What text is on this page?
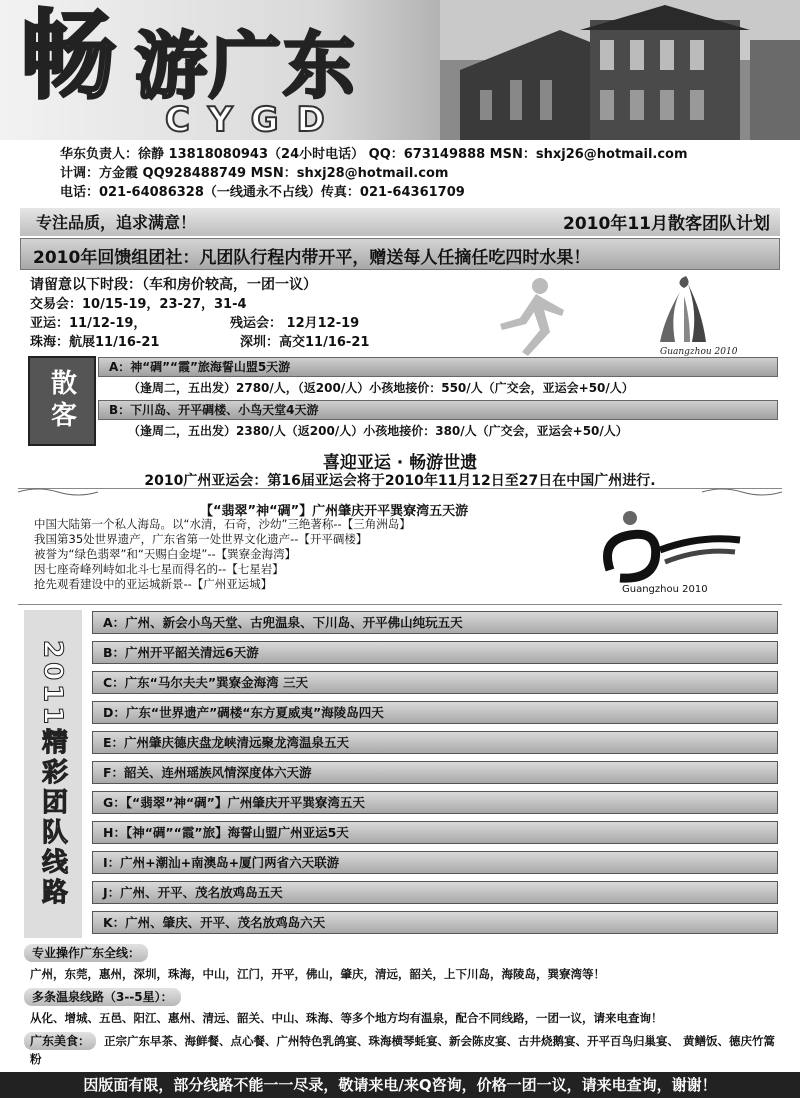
畅 游广东
CYGD
华东负责人：徐静 13818080943（24小时电话） QQ：673149888 MSN：shxj26@hotmail.com
计调：方金霞 QQ928488749 MSN：shxj28@hotmail.com
电话：021-64086328（一线通永不占线）传真：021-64361709
专注品质，追求满意！	2010年11月散客团队计划
2010年回馈组团社：凡团队行程内带开平，赠送每人任摘任吃四时水果！
请留意以下时段：（车和房价较高，一团一议）
交易会：10/15-19，23-27，31-4
亚运：11/12-19，	残运会： 12月12-19
珠海：航展11/16-21	深圳：高交11/16-21
Guangzhou 2010
散客
A：神“碉”“霞”旅海誓山盟5天游
（逢周二，五出发）2780/人，（返200/人）小孩地接价：550/人（广交会，亚运会+50/人）
B：下川岛、开平碉楼、小鸟天堂4天游
（逢周二，五出发）2380/人（返200/人）小孩地接价：380/人（广交会，亚运会+50/人）
喜迎亚运 · 畅游世遗
2010广州亚运会：第16届亚运会将于2010年11月12日至27日在中国广州进行.
【“翡翠”神“碉”】广州肇庆开平巽寮湾五天游
中国大陆第一个私人海岛。以“水清，石奇，沙幼”三绝著称--【三角洲岛】
我国第35处世界遗产，广东省第一处世界文化遗产--【开平碉楼】
被誉为“绿色翡翠”和“天赐白金堤”--【巽寮金海湾】
因七座奇峰列峙如北斗七星而得名的--【七星岩】
抢先观看建设中的亚运城新景--【广州亚运城】	Guangzhou 2010
2011精彩团队线路
A：广州、新会小鸟天堂、古兜温泉、下川岛、开平佛山纯玩五天
B：广州开平韶关清远6天游
C：广东“马尔夫夫”巽寮金海湾 三天
D：广东“世界遗产”碉楼“东方夏威夷”海陵岛四天
E：广州肇庆德庆盘龙峡清远聚龙湾温泉五天
F：韶关、连州瑶族风情深度体六天游
G：【“翡翠”神“碉”】广州肇庆开平巽寮湾五天
H：【神“碉”“霞”旅】海誓山盟广州亚运5天
I：广州+潮汕+南澳岛+厦门两省六天联游
J：广州、开平、茂名放鸡岛五天
K：广州、肇庆、开平、茂名放鸡岛六天
专业操作广东全线：
广州，东莞，惠州，深圳，珠海，中山，江门，开平，佛山，肇庆，清远，韶关，上下川岛，海陵岛，巽寮湾等！
多条温泉线路（3--5星）：
从化、增城、五邑、阳江、惠州、清远、韶关、中山、珠海、等多个地方均有温泉，配合不同线路，一团一议，请来电查询！
广东美食：	正宗广东早茶、海鲜餐、点心餐、广州特色乳鸽宴、珠海横琴蚝宴、新会陈皮宴、古井烧鹅宴、开平百鸟归巢宴、 黄鳝饭、德庆竹篙粉
因版面有限，部分线路不能一一尽录，敬请来电/来Q咨询，价格一团一议，请来电查询，谢谢！
